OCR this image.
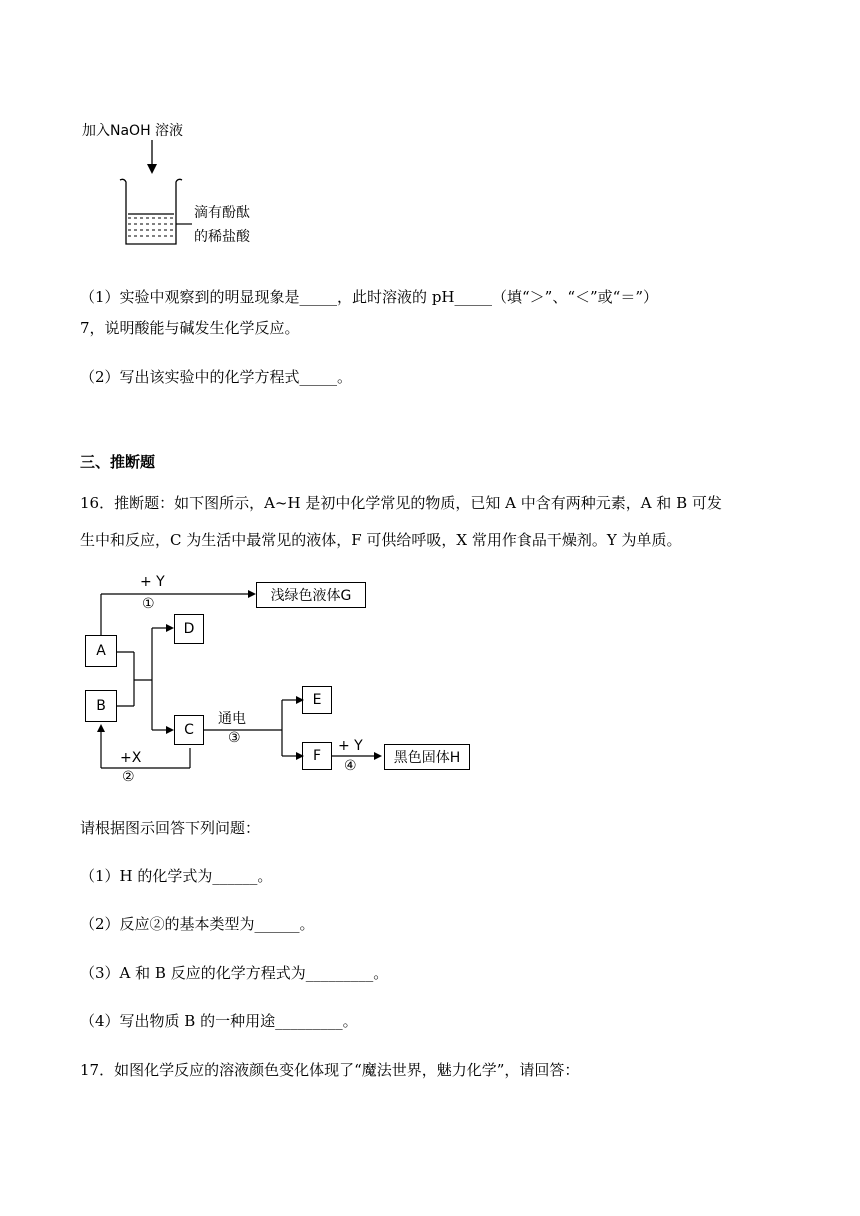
加入NaOH 溶液
滴有酚酞
的稀盐酸
（1）实验中观察到的明显现象是_____，此时溶液的 pH_____（填“＞”、“＜”或“＝”）
7，说明酸能与碱发生化学反应。
（2）写出该实验中的化学方程式_____。
三、推断题
16．推断题：如下图所示，A~H 是初中化学常见的物质，已知 A 中含有两种元素，A 和 B 可发
生中和反应，C 为生活中最常见的液体，F 可供给呼吸，X 常用作食品干燥剂。Y 为单质。
A
B
D
C
E
F
浅绿色液体G
黑色固体H
+ Y
①
通电
③
+X
②
+ Y
④
请根据图示回答下列问题：
（1）H 的化学式为______。
（2）反应②的基本类型为______。
（3）A 和 B 反应的化学方程式为_________。
（4）写出物质 B 的一种用途_________。
17．如图化学反应的溶液颜色变化体现了“魔法世界，魅力化学”，请回答：
